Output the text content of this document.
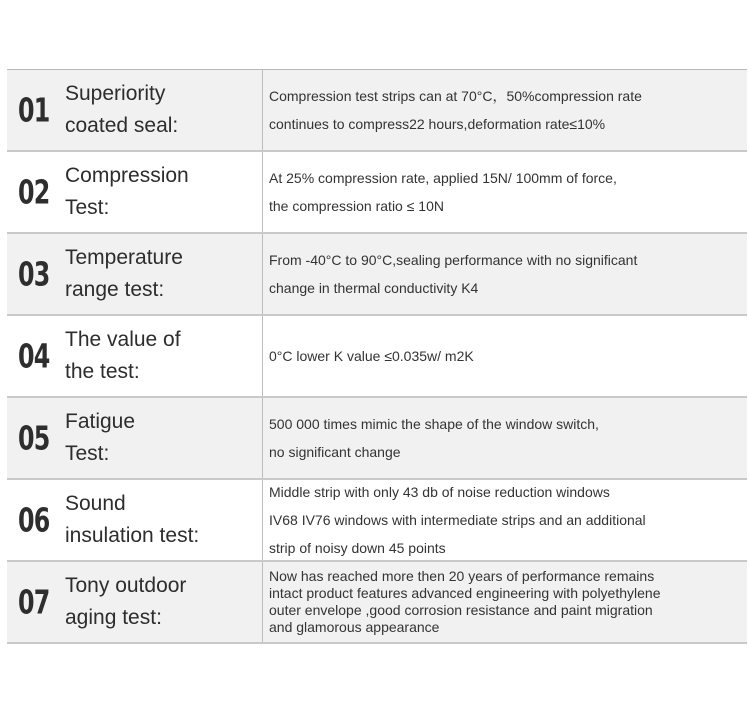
01 Superiority
coated seal:
Compression test strips can at 70°C，50%compression rate
continues to compress22 hours,deformation rate≤10%
02 Compression
Test:
At 25% compression rate, applied 15N/ 100mm of force,
the compression ratio ≤ 10N
03 Temperature
range test:
From -40°C to 90°C,sealing performance with no significant
change in thermal conductivity K4
04 The value of
the test:
0°C lower K value ≤0.035w/ m2K
05 Fatigue
Test:
500 000 times mimic the shape of the window switch,
no significant change
06 Sound
insulation test:
Middle strip with only 43 db of noise reduction windows
IV68 IV76 windows with intermediate strips and an additional
strip of noisy down 45 points
07 Tony outdoor
aging test:
Now has reached more then 20 years of performance remains
intact product features advanced engineering with polyethylene
outer envelope ,good corrosion resistance and paint migration
and glamorous appearance
